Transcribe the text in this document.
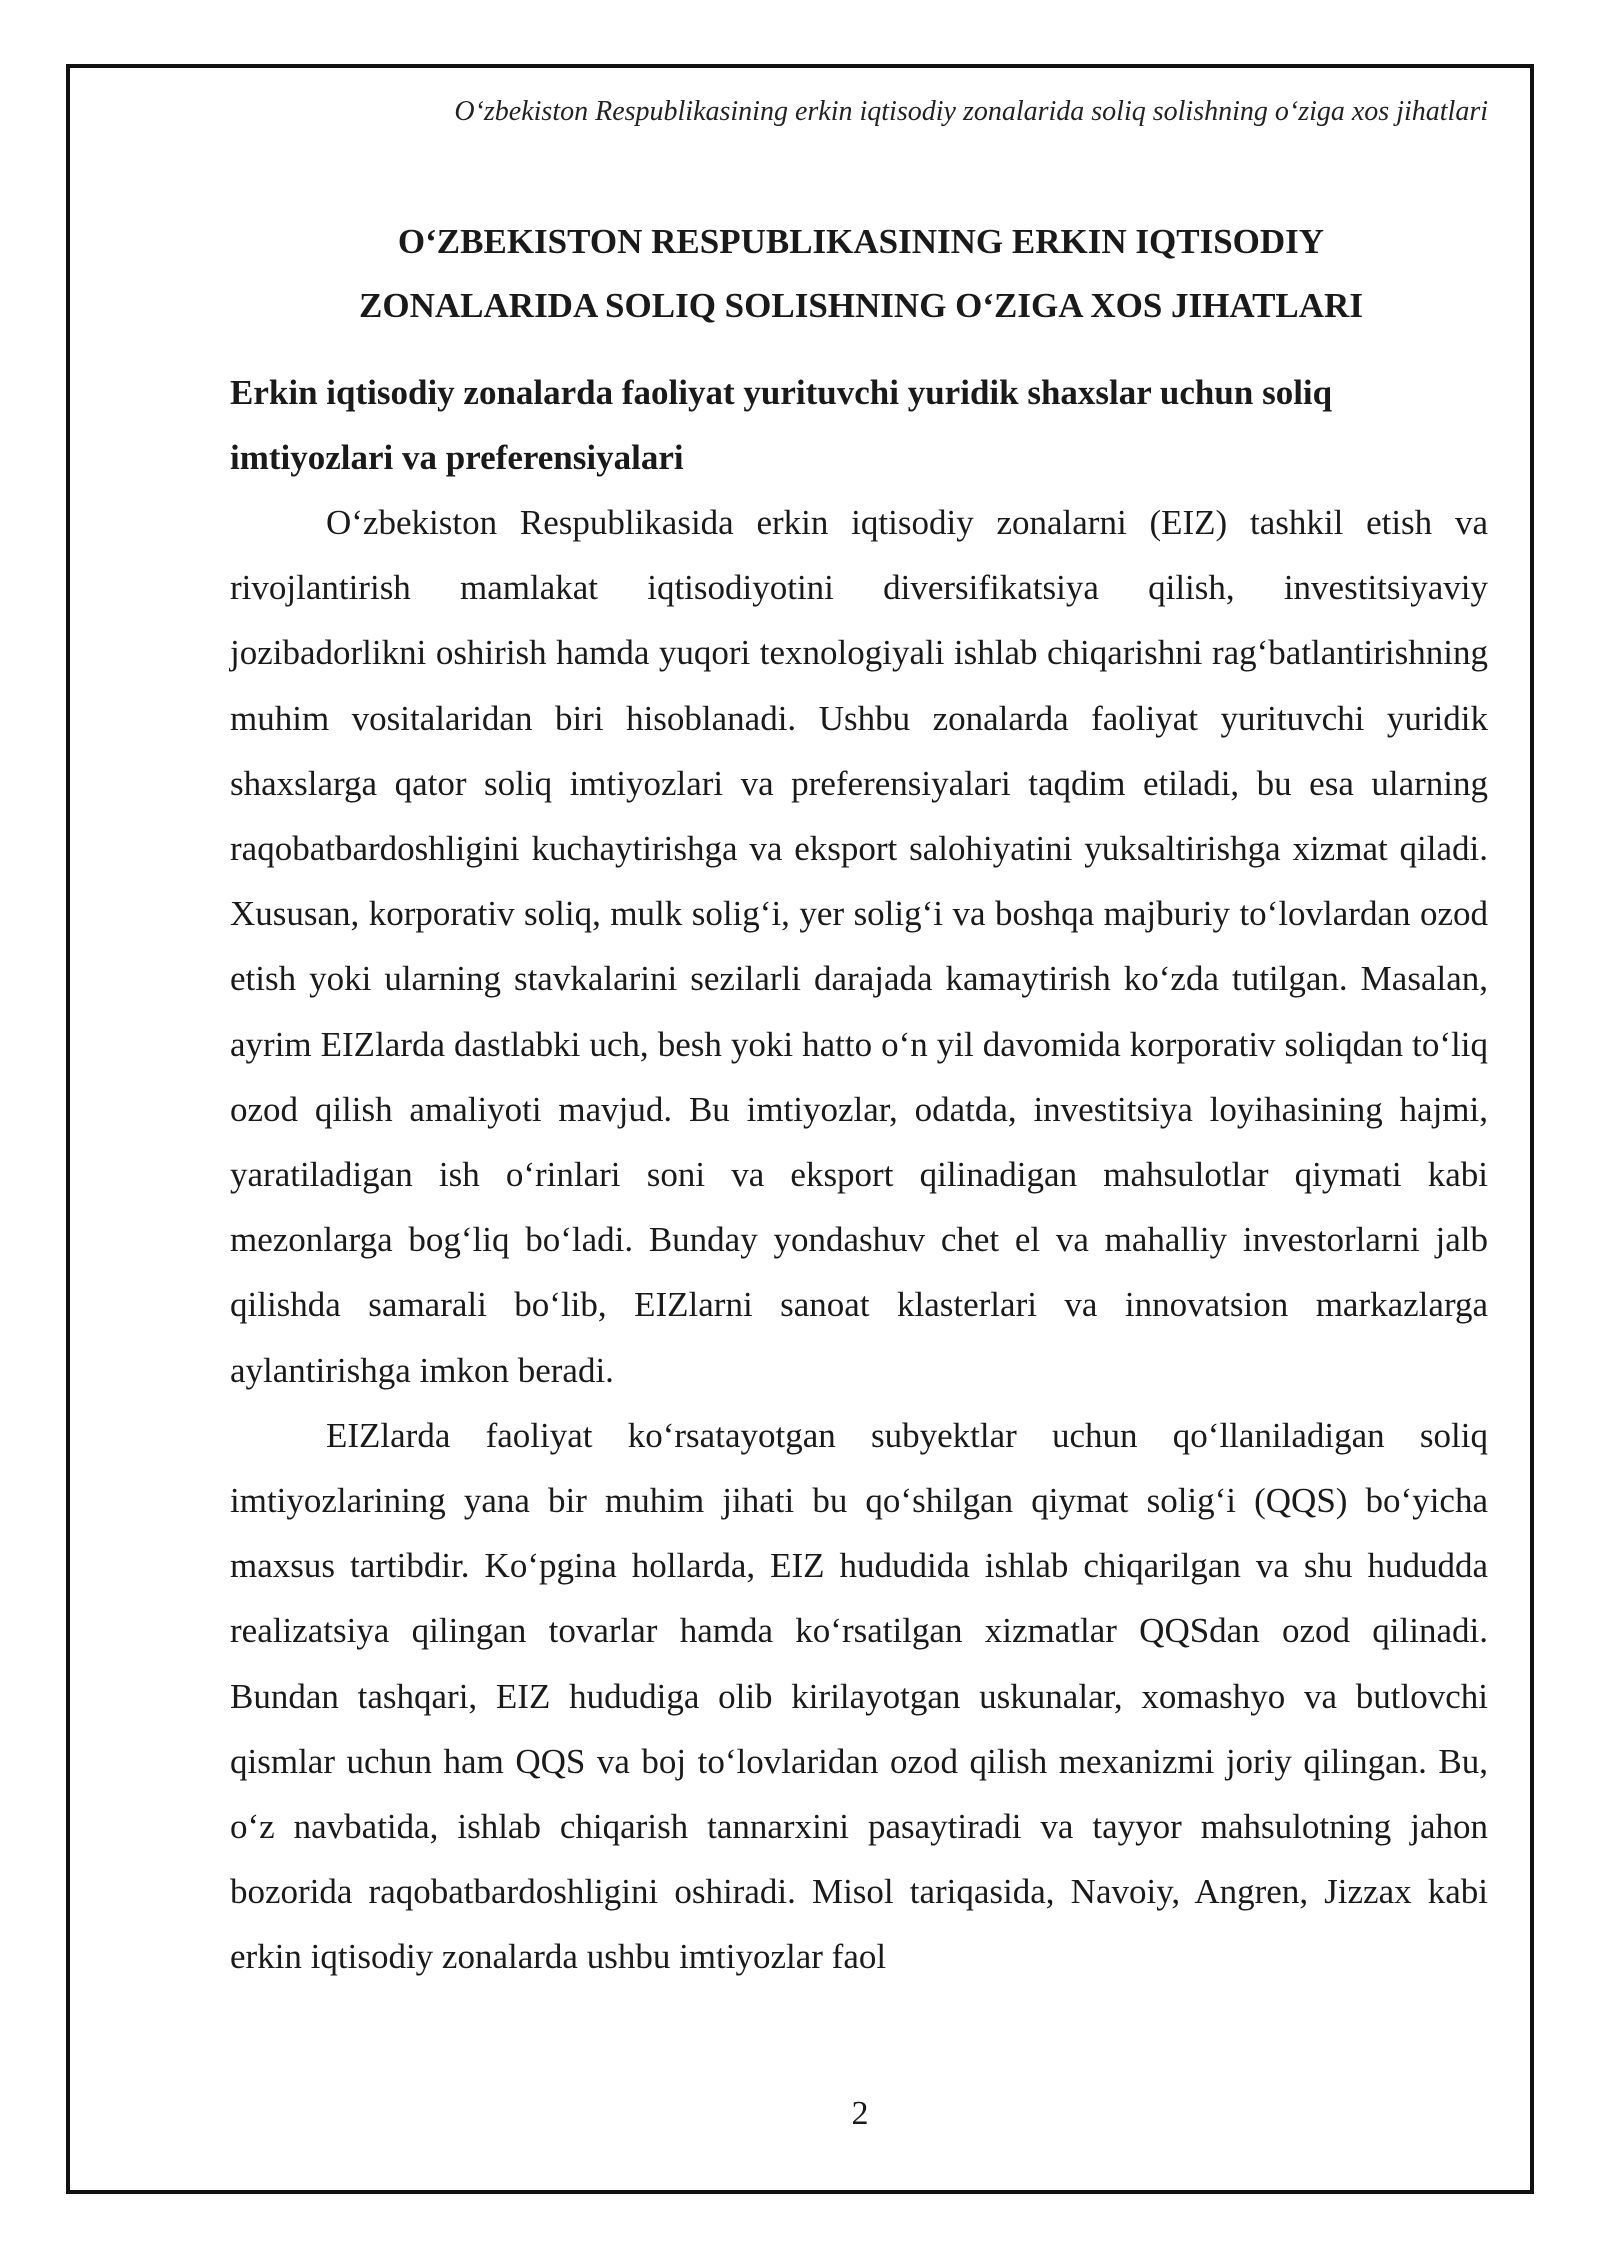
O‘zbekiston Respublikasining erkin iqtisodiy zonalarida soliq solishning o‘ziga xos jihatlari
O‘ZBEKISTON RESPUBLIKASINING ERKIN IQTISODIY
ZONALARIDA SOLIQ SOLISHNING O‘ZIGA XOS JIHATLARI
Erkin iqtisodiy zonalarda faoliyat yurituvchi yuridik shaxslar uchun soliq imtiyozlari va preferensiyalari

O‘zbekiston Respublikasida erkin iqtisodiy zonalarni (EIZ) tashkil etish va rivojlantirish mamlakat iqtisodiyotini diversifikatsiya qilish, investitsiyaviy jozibadorlikni oshirish hamda yuqori texnologiyali ishlab chiqarishni rag‘batlantirishning muhim vositalaridan biri hisoblanadi. Ushbu zonalarda faoliyat yurituvchi yuridik shaxslarga qator soliq imtiyozlari va preferensiyalari taqdim etiladi, bu esa ularning raqobatbardoshligini kuchaytirishga va eksport salohiyatini yuksaltirishga xizmat qiladi. Xususan, korporativ soliq, mulk solig‘i, yer solig‘i va boshqa majburiy to‘lovlardan ozod etish yoki ularning stavkalarini sezilarli darajada kamaytirish ko‘zda tutilgan. Masalan, ayrim EIZlarda dastlabki uch, besh yoki hatto o‘n yil davomida korporativ soliqdan to‘liq ozod qilish amaliyoti mavjud. Bu imtiyozlar, odatda, investitsiya loyihasining hajmi, yaratiladigan ish o‘rinlari soni va eksport qilinadigan mahsulotlar qiymati kabi mezonlarga bog‘liq bo‘ladi. Bunday yondashuv chet el va mahalliy investorlarni jalb qilishda samarali bo‘lib, EIZlarni sanoat klasterlari va innovatsion markazlarga aylantirishga imkon beradi.

EIZlarda faoliyat ko‘rsatayotgan subyektlar uchun qo‘llaniladigan soliq imtiyozlarining yana bir muhim jihati bu qo‘shilgan qiymat solig‘i (QQS) bo‘yicha maxsus tartibdir. Ko‘pgina hollarda, EIZ hududida ishlab chiqarilgan va shu hududda realizatsiya qilingan tovarlar hamda ko‘rsatilgan xizmatlar QQSdan ozod qilinadi. Bundan tashqari, EIZ hududiga olib kirilayotgan uskunalar, xomashyo va butlovchi qismlar uchun ham QQS va boj to‘lovlaridan ozod qilish mexanizmi joriy qilingan. Bu, o‘z navbatida, ishlab chiqarish tannarxini pasaytiradi va tayyor mahsulotning jahon bozorida raqobatbardoshligini oshiradi. Misol tariqasida, Navoiy, Angren, Jizzax kabi erkin iqtisodiy zonalarda ushbu imtiyozlar faol

2
